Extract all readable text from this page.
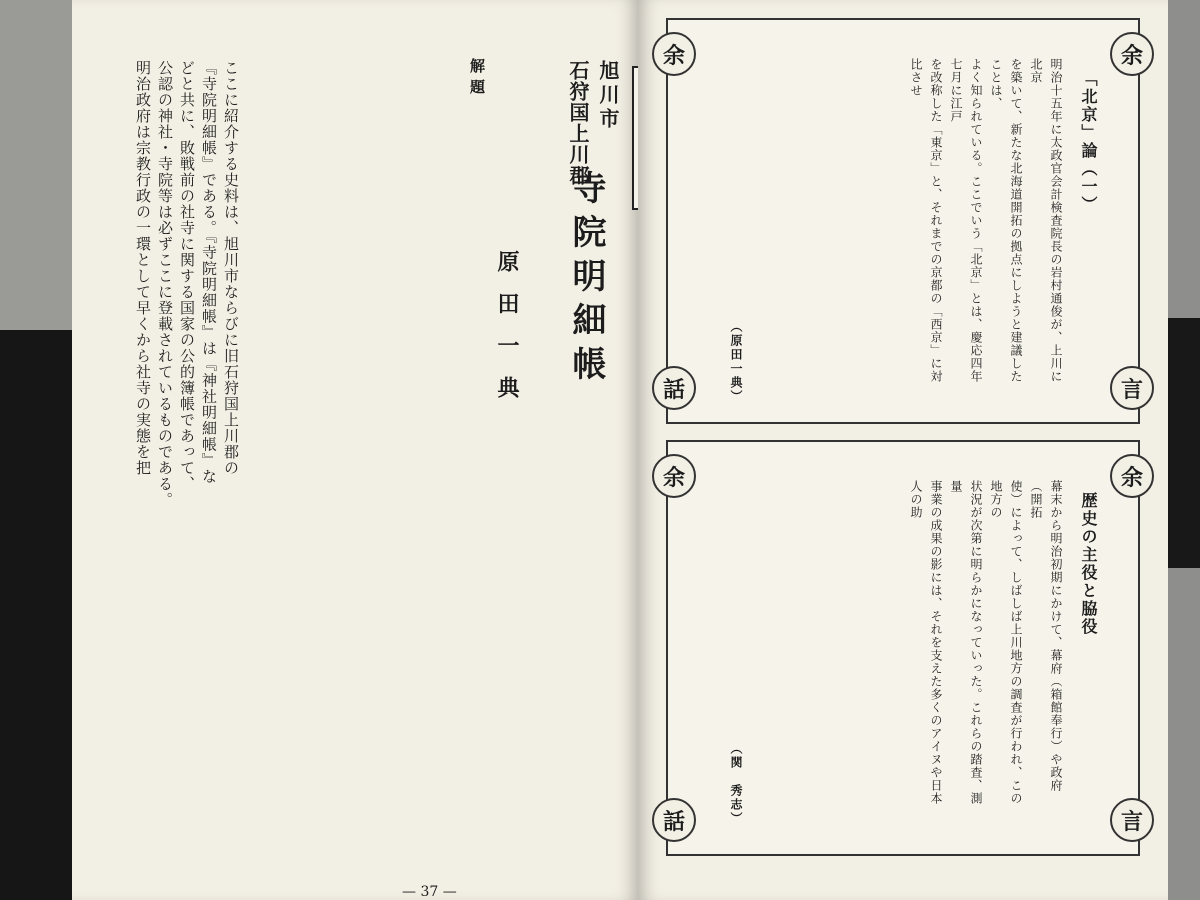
旭川市
石狩国上川郡
寺院明細帳
原田一典
解題
ここに紹介する史料は、旭川市ならびに旧石狩国上川郡の
『寺院明細帳』である。『寺院明細帳』は『神社明細帳』な
どと共に、敗戦前の社寺に関する国家の公的簿帳であって、
公認の神社・寺院等は必ずここに登載されているものである。
明治政府は宗教行政の一環として早くから社寺の実態を把
— 37 —
余	余
話	言
「北京」論（一）
明治十五年に太政官会計検査院長の岩村通俊が、上川に北京
を築いて、新たな北海道開拓の拠点にしようと建議したことは、
よく知られている。ここでいう「北京」とは、慶応四年七月に江戸
を改称した「東京」と、それまでの京都の「西京」に対比させ
（原田一典）
余	余
話	言
歴史の主役と脇役
幕末から明治初期にかけて、幕府（箱館奉行）や政府（開拓
使）によって、しばしば上川地方の調査が行われ、この地方の
状況が次第に明らかになっていった。これらの踏査、測量
事業の成果の影には、それを支えた多くのアイヌや日本人の助
（関　秀志）
